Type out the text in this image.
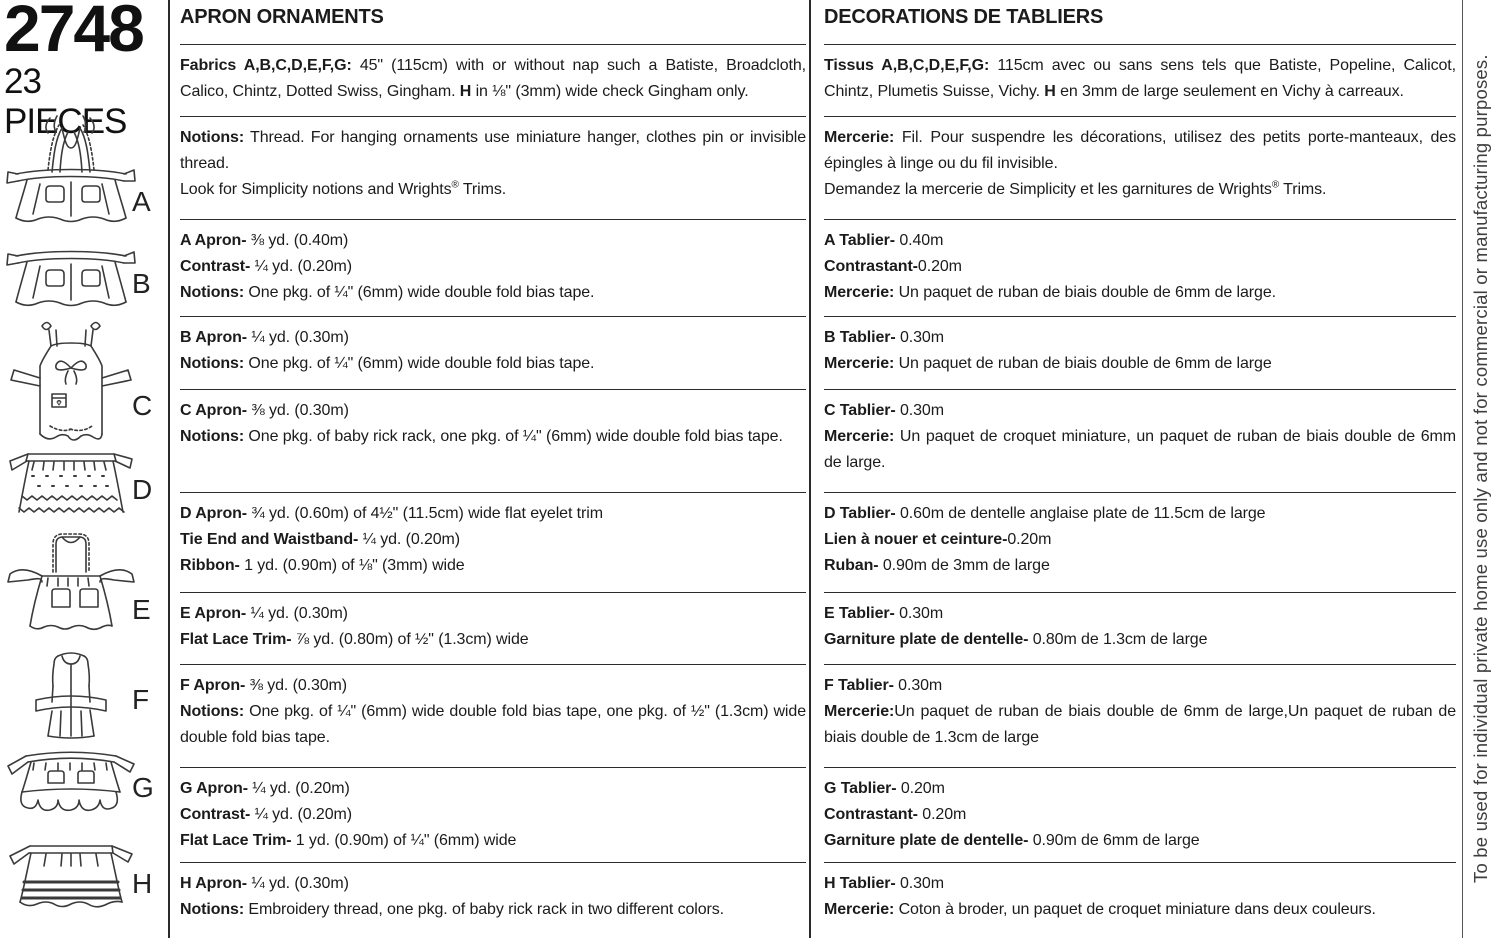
2748
23 PIECES
A
B
C
D
E
F
G
H
APRON ORNAMENTS

Fabrics A,B,C,D,E,F,G: 45" (115cm) with or without nap such a Batiste, Broadcloth, Calico, Chintz, Dotted Swiss, Gingham. H in ⅛" (3mm) wide check Gingham only.

Notions: Thread. For hanging ornaments use miniature hanger, clothes pin or invisible thread.

Look for Simplicity notions and Wrights® Trims.

A Apron- ⅜ yd. (0.40m)

Contrast- ¼ yd. (0.20m)

Notions: One pkg. of ¼" (6mm) wide double fold bias tape.

B Apron- ¼ yd. (0.30m)

Notions: One pkg. of ¼" (6mm) wide double fold bias tape.

C Apron- ⅜ yd. (0.30m)

Notions: One pkg. of baby rick rack, one pkg. of ¼" (6mm) wide double fold bias tape.

D Apron- ¾ yd. (0.60m) of 4½" (11.5cm) wide flat eyelet trim

Tie End and Waistband- ¼ yd. (0.20m)

Ribbon- 1 yd. (0.90m) of ⅛" (3mm) wide

E Apron- ¼ yd. (0.30m)

Flat Lace Trim- ⅞ yd. (0.80m) of ½" (1.3cm) wide

F Apron- ⅜ yd. (0.30m)

Notions: One pkg. of ¼" (6mm) wide double fold bias tape, one pkg. of ½" (1.3cm) wide double fold bias tape.

G Apron- ¼ yd. (0.20m)

Contrast- ¼ yd. (0.20m)

Flat Lace Trim- 1 yd. (0.90m) of ¼" (6mm) wide

H Apron- ¼ yd. (0.30m)

Notions: Embroidery thread, one pkg. of baby rick rack in two different colors.

DECORATIONS DE TABLIERS

Tissus A,B,C,D,E,F,G: 115cm avec ou sans sens tels que Batiste, Popeline, Calicot, Chintz, Plumetis Suisse, Vichy. H en 3mm de large seulement en Vichy à carreaux.

Mercerie: Fil. Pour suspendre les décorations, utilisez des petits porte-manteaux, des épingles à linge ou du fil invisible.

Demandez la mercerie de Simplicity et les garnitures de Wrights® Trims.

A Tablier- 0.40m

Contrastant-0.20m

Mercerie: Un paquet de ruban de biais double de 6mm de large.

B Tablier- 0.30m

Mercerie: Un paquet de ruban de biais double de 6mm de large

C Tablier- 0.30m

Mercerie: Un paquet de croquet miniature, un paquet de ruban de biais double de 6mm de large.

D Tablier- 0.60m de dentelle anglaise plate de 11.5cm de large

Lien à nouer et ceinture-0.20m

Ruban- 0.90m de 3mm de large

E Tablier- 0.30m

Garniture plate de dentelle- 0.80m de 1.3cm de large

F Tablier- 0.30m

Mercerie:Un paquet de ruban de biais double de 6mm de large,Un paquet de ruban de biais double de 1.3cm de large

G Tablier- 0.20m

Contrastant- 0.20m

Garniture plate de dentelle- 0.90m de 6mm de large

H Tablier- 0.30m

Mercerie: Coton à broder, un paquet de croquet miniature dans deux couleurs.

To be used for individual private home use only and not for commercial or manufacturing purposes.
